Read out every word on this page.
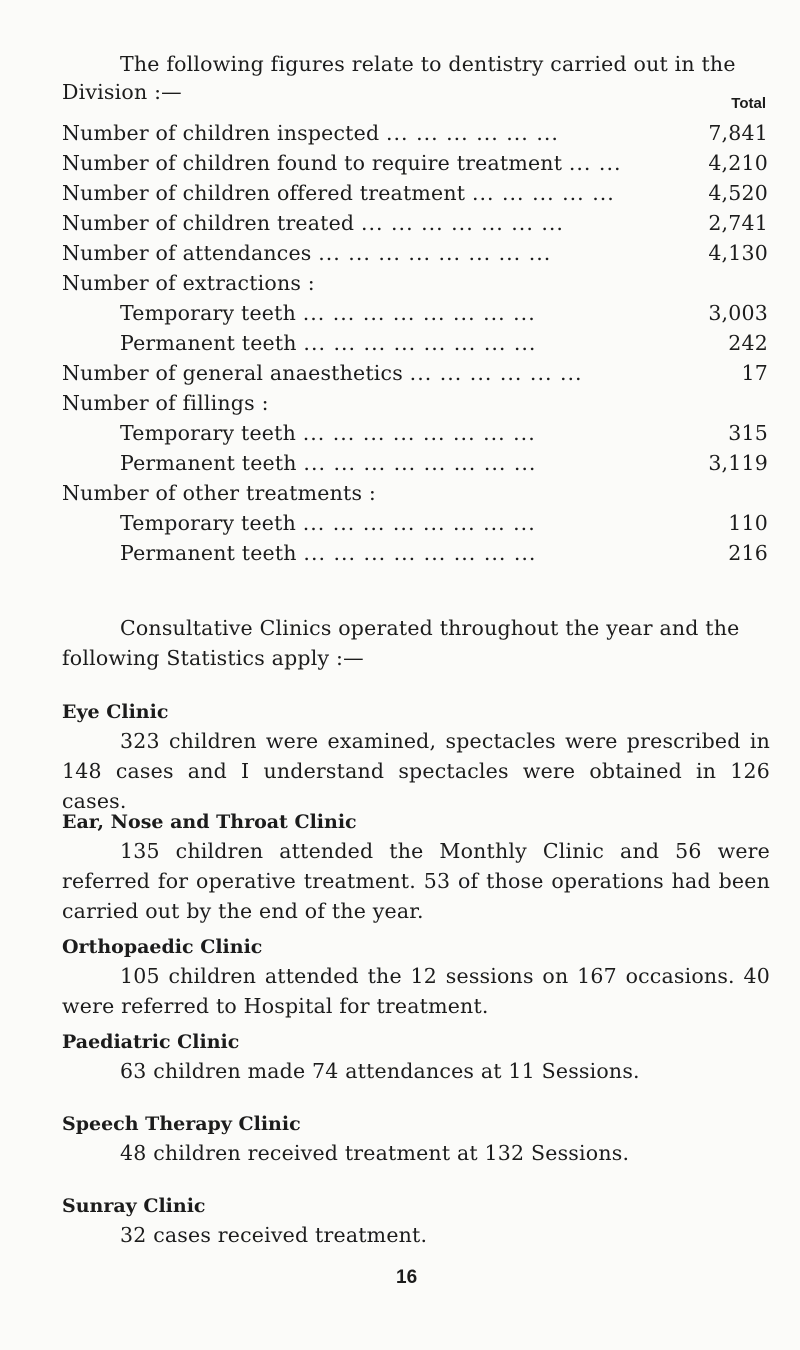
The following figures relate to dentistry carried out in the
Division :—	Total
Number of children inspected ... ... ... ... ... ...	7,841
Number of children found to require treatment ... ...	4,210
Number of children offered treatment ... ... ... ... ...	4,520
Number of children treated ... ... ... ... ... ... ...	2,741
Number of attendances ... ... ... ... ... ... ... ...	4,130
Number of extractions :
Temporary teeth ... ... ... ... ... ... ... ...	3,003
Permanent teeth ... ... ... ... ... ... ... ...	242
Number of general anaesthetics ... ... ... ... ... ...	17
Number of fillings :
Temporary teeth ... ... ... ... ... ... ... ...	315
Permanent teeth ... ... ... ... ... ... ... ...	3,119
Number of other treatments :
Temporary teeth ... ... ... ... ... ... ... ...	110
Permanent teeth ... ... ... ... ... ... ... ...	216
Consultative Clinics operated throughout the year and the
following Statistics apply :—
Eye Clinic

323 children were examined, spectacles were prescribed in 148 cases and I understand spectacles were obtained in 126 cases.

Ear, Nose and Throat Clinic

135 children attended the Monthly Clinic and 56 were referred for operative treatment. 53 of those operations had been carried out by the end of the year.

Orthopaedic Clinic

105 children attended the 12 sessions on 167 occasions. 40 were referred to Hospital for treatment.

Paediatric Clinic

63 children made 74 attendances at 11 Sessions.

Speech Therapy Clinic

48 children received treatment at 132 Sessions.

Sunray Clinic

32 cases received treatment.

16
